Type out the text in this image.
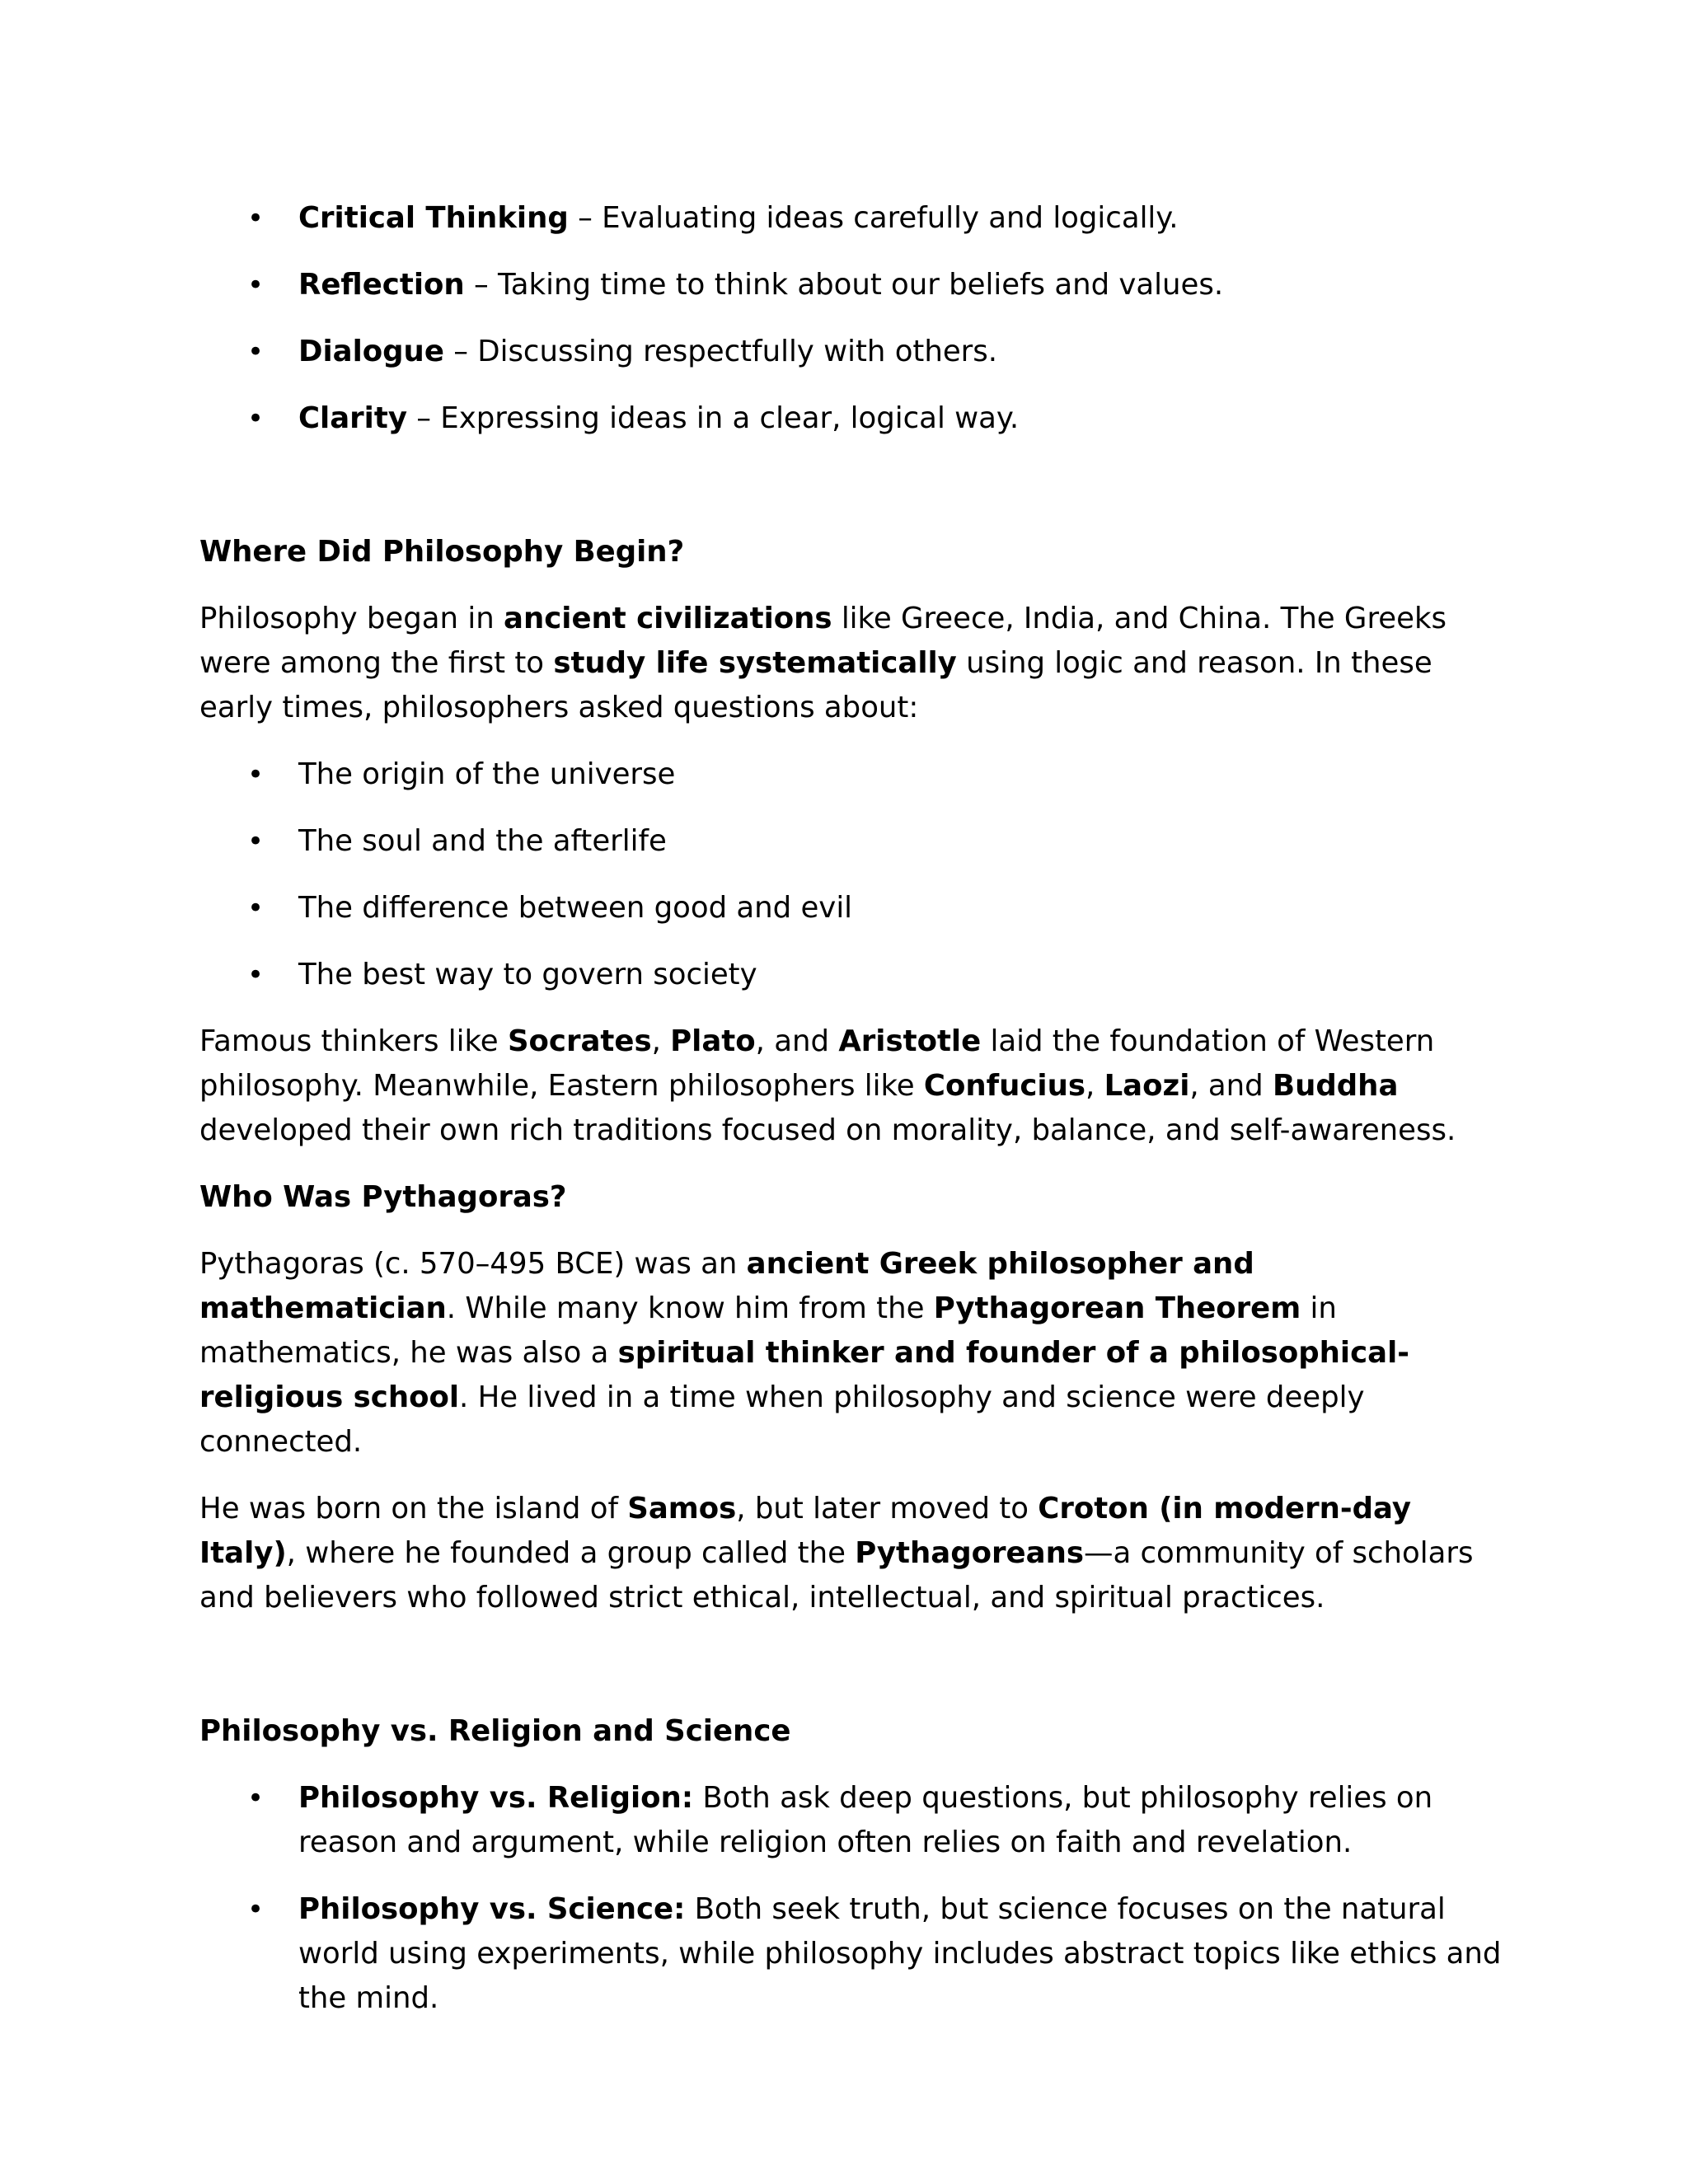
• Critical Thinking – Evaluating ideas carefully and logically.
• Reflection – Taking time to think about our beliefs and values.
• Dialogue – Discussing respectfully with others.
• Clarity – Expressing ideas in a clear, logical way.
Where Did Philosophy Begin?

Philosophy began in ancient civilizations like Greece, India, and China. The Greeks were among the first to study life systematically using logic and reason. In these early times, philosophers asked questions about:

• The origin of the universe
• The soul and the afterlife
• The difference between good and evil
• The best way to govern society

Famous thinkers like Socrates, Plato, and Aristotle laid the foundation of Western philosophy. Meanwhile, Eastern philosophers like Confucius, Laozi, and Buddha developed their own rich traditions focused on morality, balance, and self-awareness.

Who Was Pythagoras?

Pythagoras (c. 570–495 BCE) was an ancient Greek philosopher and mathematician. While many know him from the Pythagorean Theorem in mathematics, he was also a spiritual thinker and founder of a philosophical-religious school. He lived in a time when philosophy and science were deeply connected.

He was born on the island of Samos, but later moved to Croton (in modern-day Italy), where he founded a group called the Pythagoreans—a community of scholars and believers who followed strict ethical, intellectual, and spiritual practices.

Philosophy vs. Religion and Science
• Philosophy vs. Religion: Both ask deep questions, but philosophy relies on reason and argument, while religion often relies on faith and revelation.
• Philosophy vs. Science: Both seek truth, but science focuses on the natural world using experiments, while philosophy includes abstract topics like ethics and the mind.
